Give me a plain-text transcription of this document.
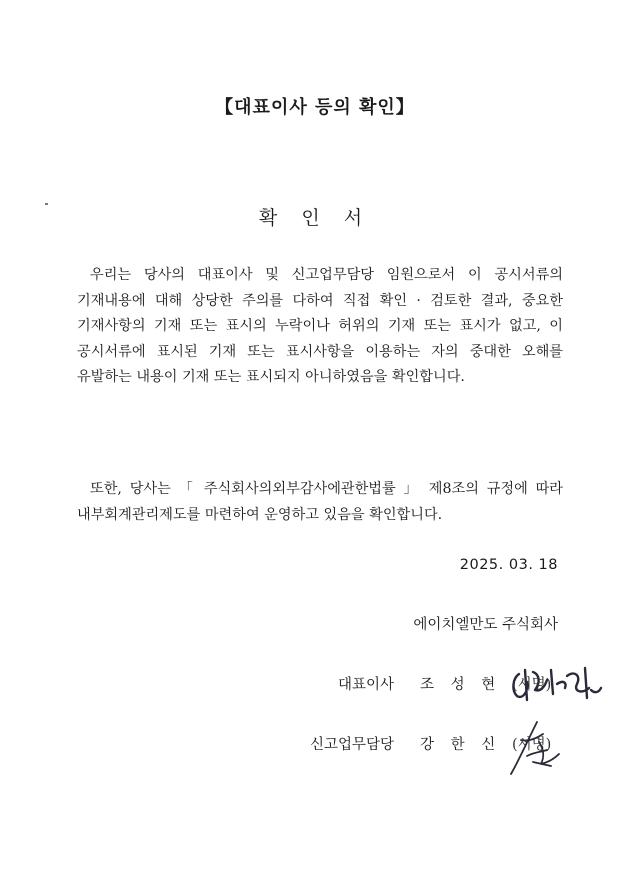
【대표이사 등의 확인】
확 인 서
우리는 당사의 대표이사 및 신고업무담당 임원으로서 이 공시서류의 기재내용에 대해 상당한 주의를 다하여 직접 확인 · 검토한 결과, 중요한 기재사항의 기재 또는 표시의 누락이나 허위의 기재 또는 표시가 없고, 이 공시서류에 표시된 기재 또는 표시사항을 이용하는 자의 중대한 오해를 유발하는 내용이 기재 또는 표시되지 아니하였음을 확인합니다.
또한, 당사는 「 주식회사의외부감사에관한법률 」 제8조의 규정에 따라 내부회계관리제도를 마련하여 운영하고 있음을 확인합니다.
2025. 03. 18
에이치엘만도 주식회사
대표이사 조 성 현 (서명)
신고업무담당 강 한 신 (서명)
